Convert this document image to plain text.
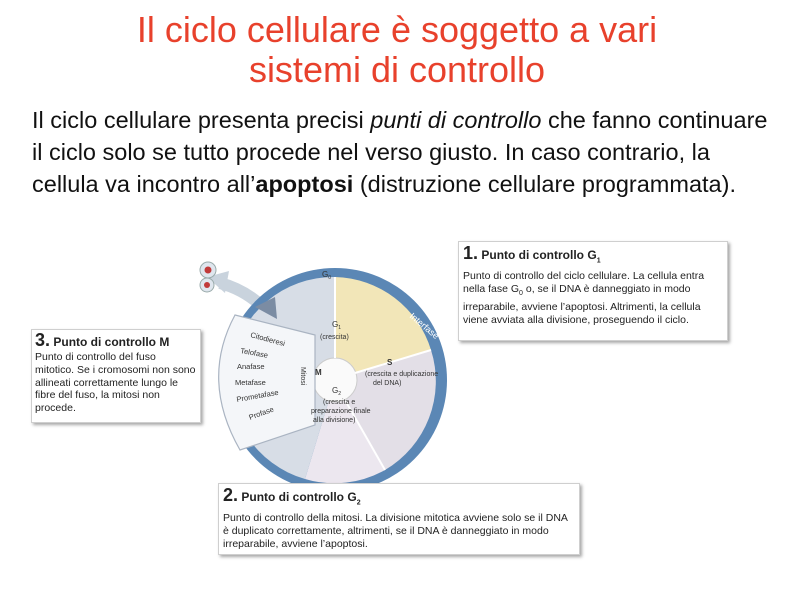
Il ciclo cellulare è soggetto a vari
sistemi di controllo
Il ciclo cellulare presenta precisi punti di controllo che fanno continuare il ciclo solo se tutto procede nel verso giusto. In caso contrario, la cellula va incontro all’apoptosi (distruzione cellulare programmata).
$G_0$
Interfase
$G_1$
(crescita)
S
(crescita e duplicazione
del DNA)
$G_2$
(crescita e
preparazione finale
alla divisione)
M
Mitosi
Citodieresi
Telofase
Anafase
Metafase
Prometafase
Profase
1. Punto di controllo $G_1$
Punto di controllo del ciclo cellulare. La cellula entra nella fase $G_0$ o, se il DNA è danneggiato in modo irreparabile, avviene l’apoptosi. Altrimenti, la cellula viene avviata alla divisione, proseguendo il ciclo.
3. Punto di controllo M
Punto di controllo del fuso mitotico. Se i cromosomi non sono allineati correttamente lungo le fibre del fuso, la mitosi non procede.
2. Punto di controllo $G_2$
Punto di controllo della mitosi. La divisione mitotica avviene solo se il DNA è duplicato correttamente, altrimenti, se il DNA è danneggiato in modo irreparabile, avviene l’apoptosi.
